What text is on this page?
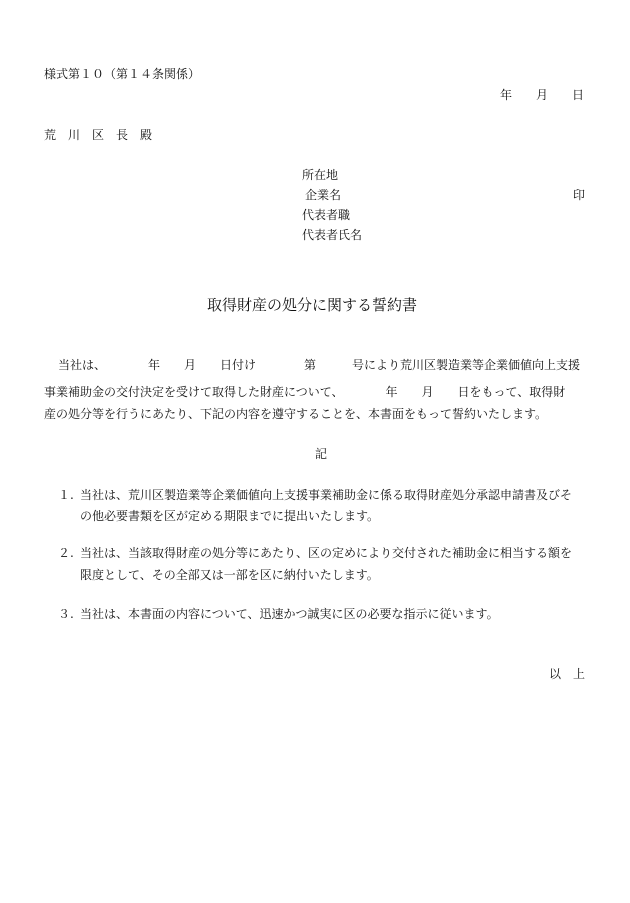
様式第１０（第１４条関係）
年　　月　　日
荒　川　区　長　殿
所在地
企業名	印
代表者職
代表者氏名
取得財産の処分に関する誓約書
当社は、　　　　年　　月　　日付け　　　　第　　　号により荒川区製造業等企業価値向上支援
事業補助金の交付決定を受けて取得した財産について、　　　　年　　月　　日をもって、取得財
産の処分等を行うにあたり、下記の内容を遵守することを、本書面をもって誓約いたします。
記
１. 当社は、荒川区製造業等企業価値向上支援事業補助金に係る取得財産処分承認申請書及びそ
の他必要書類を区が定める期限までに提出いたします。
２. 当社は、当該取得財産の処分等にあたり、区の定めにより交付された補助金に相当する額を
限度として、その全部又は一部を区に納付いたします。
３. 当社は、本書面の内容について、迅速かつ誠実に区の必要な指示に従います。
以　上
